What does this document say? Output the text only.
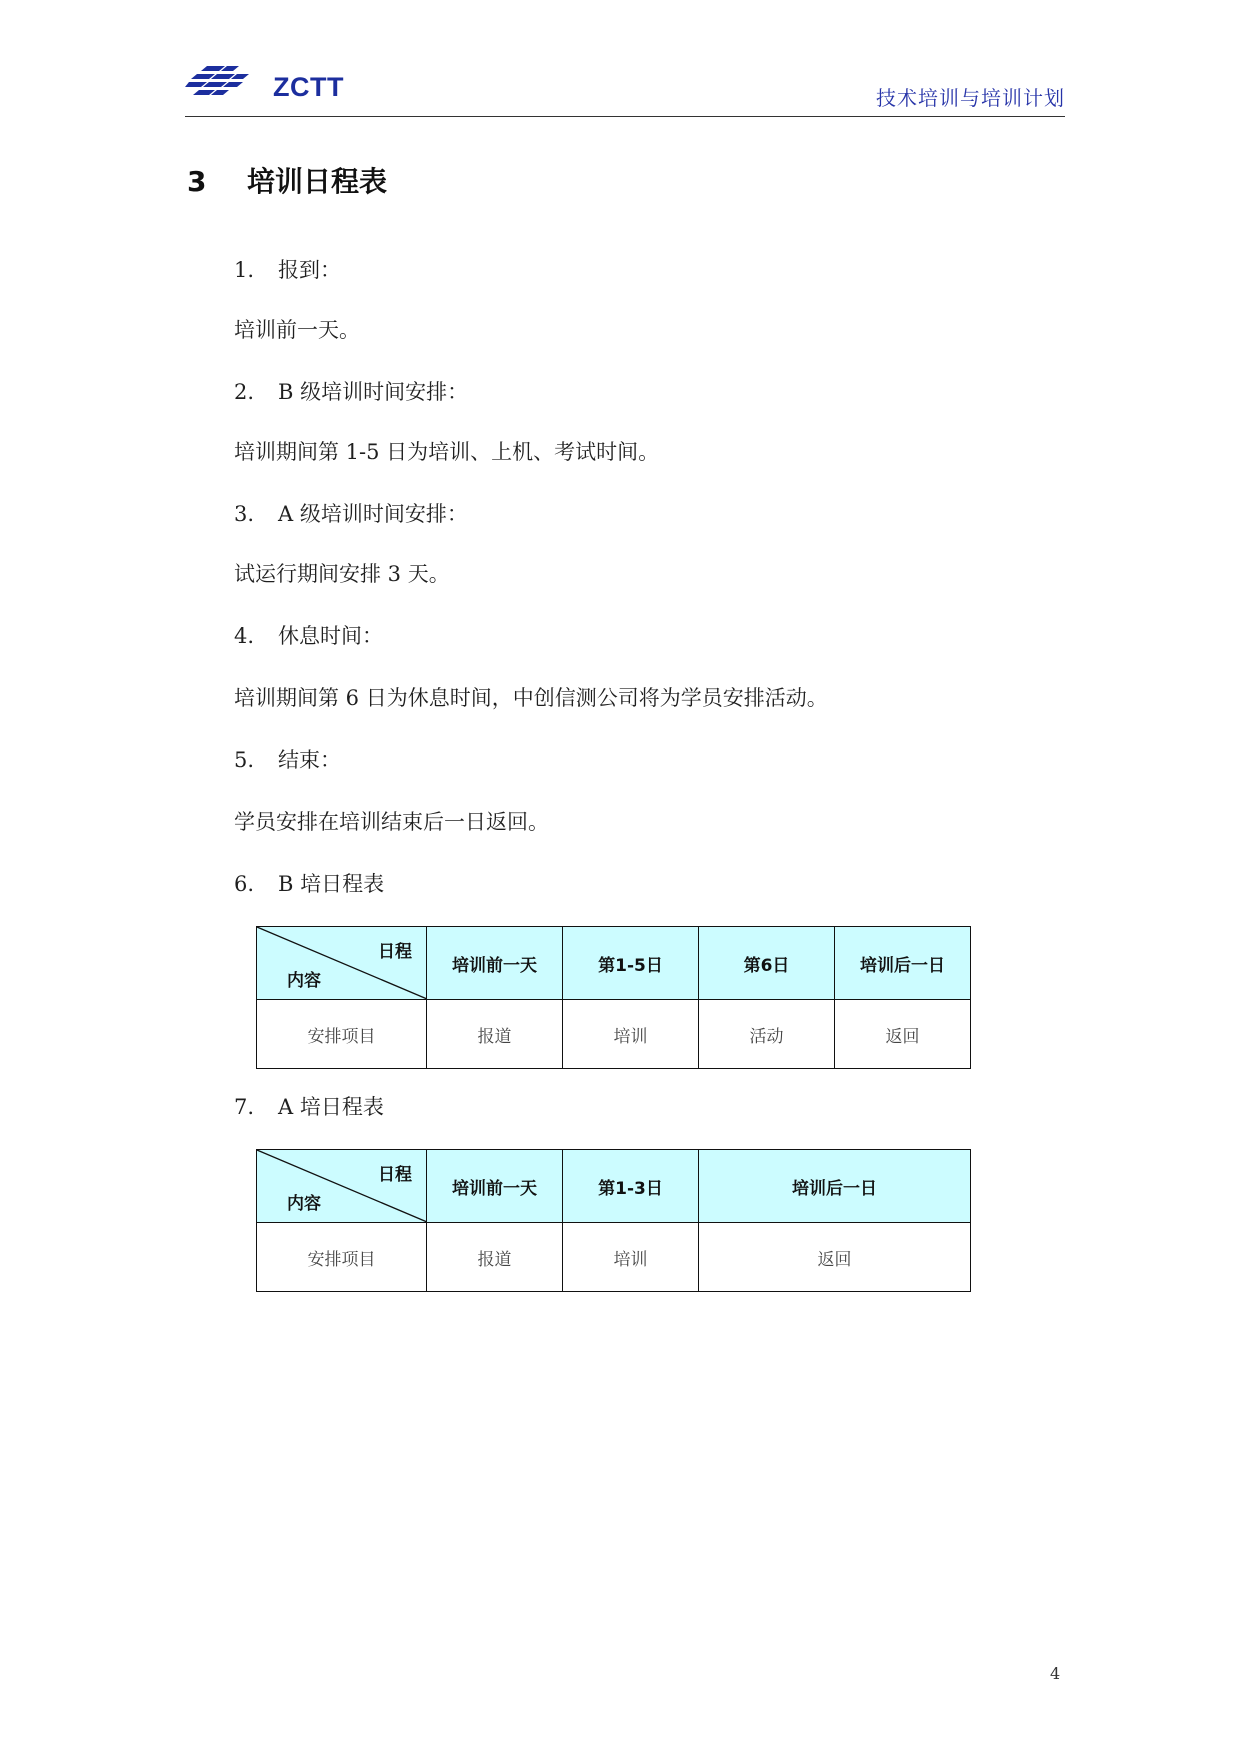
ZCTT	技术培训与培训计划
3 培训日程表
1. 报到：
培训前一天。
2. B 级培训时间安排：
培训期间第 1-5 日为培训、上机、考试时间。
3. A 级培训时间安排：
试运行期间安排 3 天。
4. 休息时间：
培训期间第 6 日为休息时间，中创信测公司将为学员安排活动。
5. 结束：
学员安排在培训结束后一日返回。
6. B 培日程表
日程
内容	培训前一天	第1-5日	第6日	培训后一日
安排项目	报道	培训	活动	返回
7. A 培日程表
日程
内容	培训前一天	第1-3日	培训后一日
安排项目	报道	培训	返回
4
